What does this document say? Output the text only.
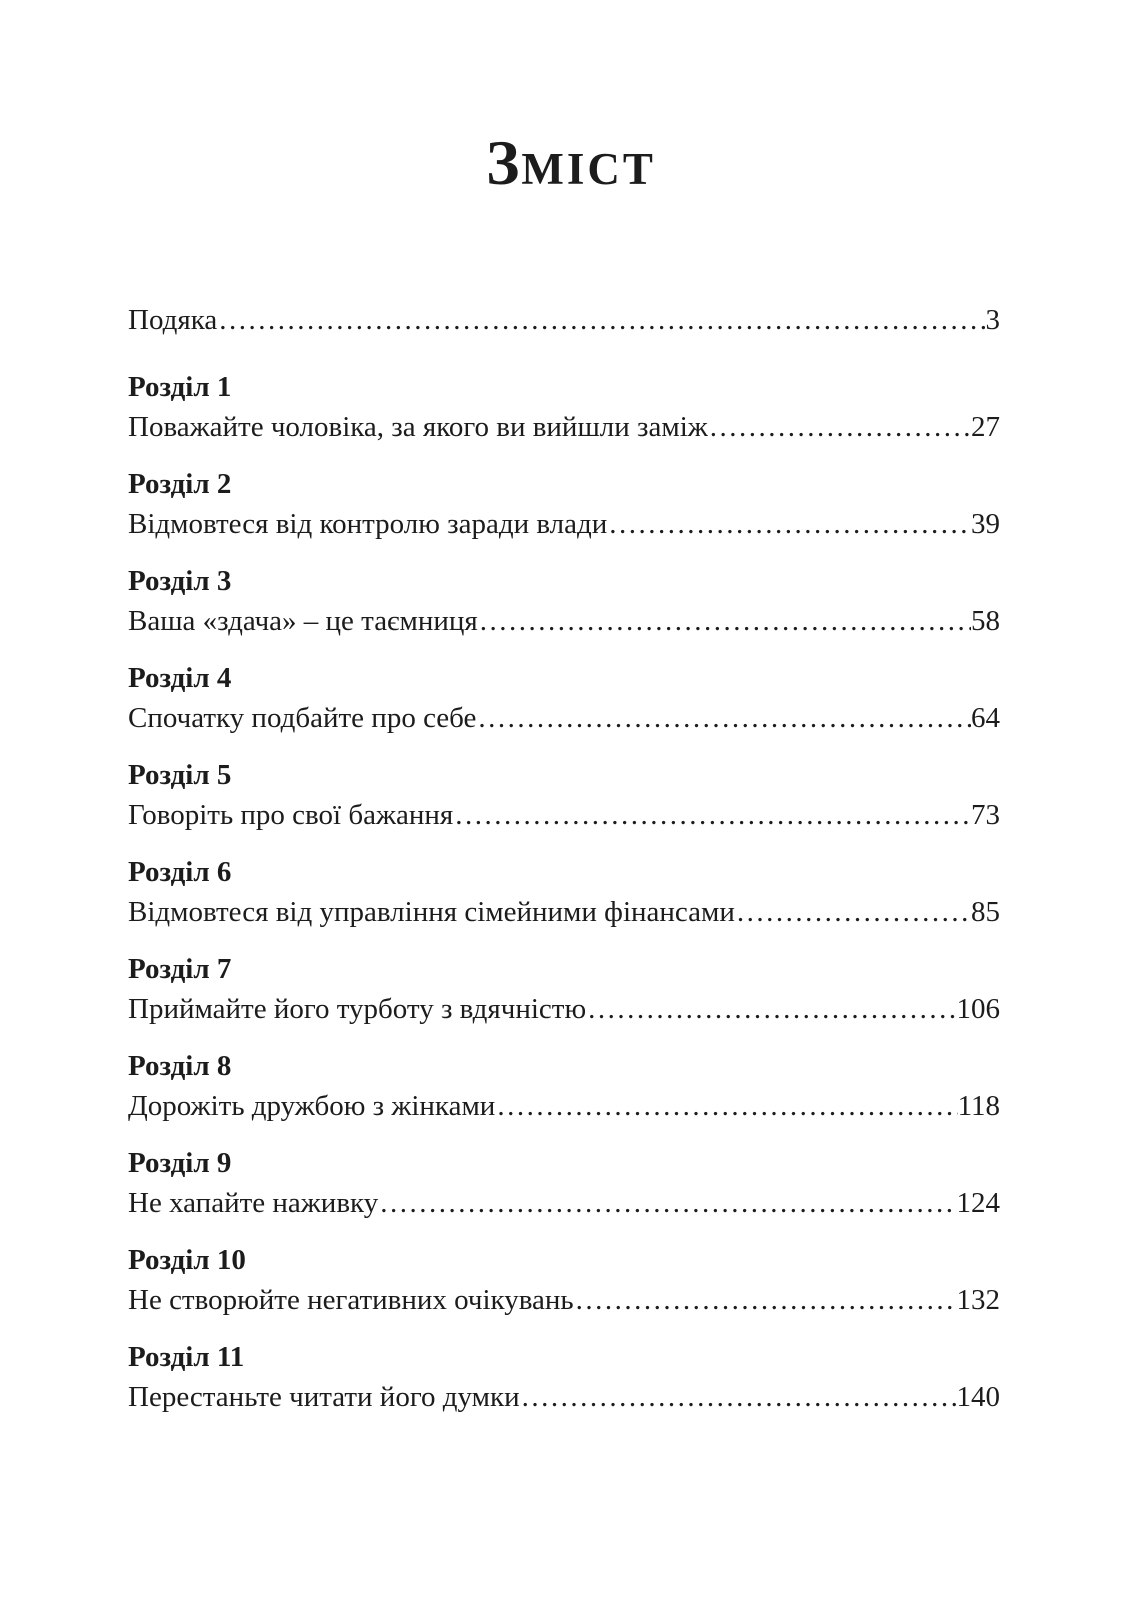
ЗМІСТ
Подяка .....	3
Розділ 1
Поважайте чоловіка, за якого ви вийшли заміж .....	27
Розділ 2
Відмовтеся від контролю заради влади .....	39
Розділ 3
Ваша «здача» – це таємниця .....	58
Розділ 4
Спочатку подбайте про себе .....	64
Розділ 5
Говоріть про свої бажання .....	73
Розділ 6
Відмовтеся від управління сімейними фінансами .....	85
Розділ 7
Приймайте його турботу з вдячністю .....	106
Розділ 8
Дорожіть дружбою з жінками .....	118
Розділ 9
Не хапайте наживку .....	124
Розділ 10
Не створюйте негативних очікувань .....	132
Розділ 11
Перестаньте читати його думки .....	140
